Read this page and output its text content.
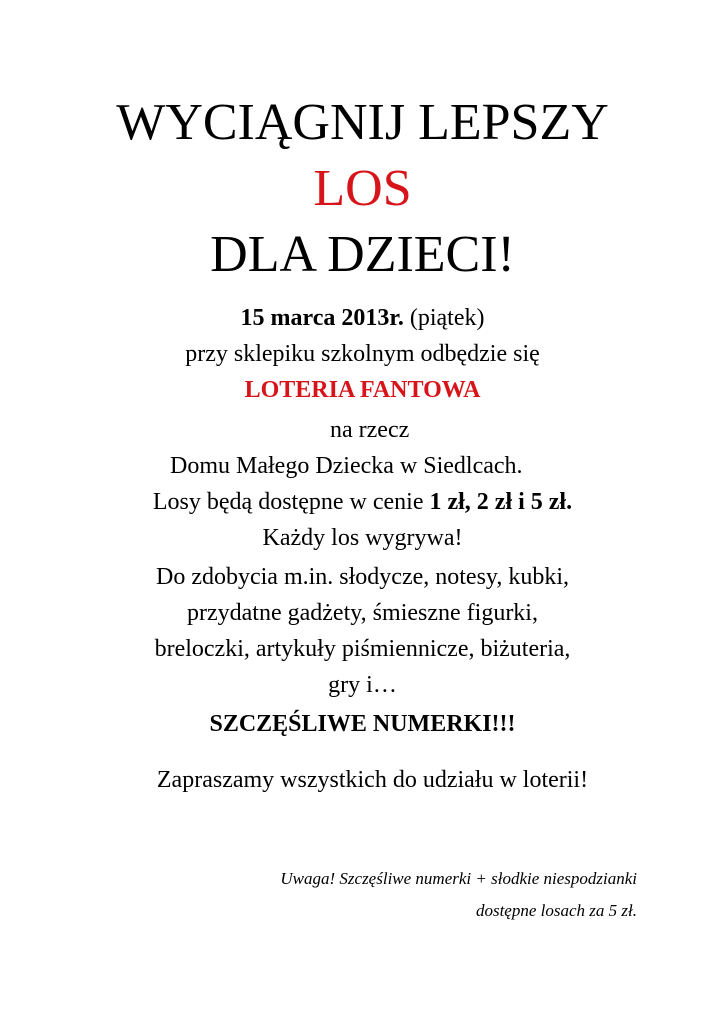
WYCIĄGNIJ LEPSZY
LOS
DLA DZIECI!
15 marca 2013r. (piątek)
przy sklepiku szkolnym odbędzie się
LOTERIA FANTOWA
na rzecz
Domu Małego Dziecka w Siedlcach.
Losy będą dostępne w cenie 1 zł, 2 zł i 5 zł.
Każdy los wygrywa!
Do zdobycia m.in. słodycze, notesy, kubki,
przydatne gadżety, śmieszne figurki,
breloczki, artykuły piśmiennicze, biżuteria,
gry i…
SZCZĘŚLIWE NUMERKI!!!
Zapraszamy wszystkich do udziału w loterii!
Uwaga! Szczęśliwe numerki + słodkie niespodzianki
dostępne losach za 5 zł.
